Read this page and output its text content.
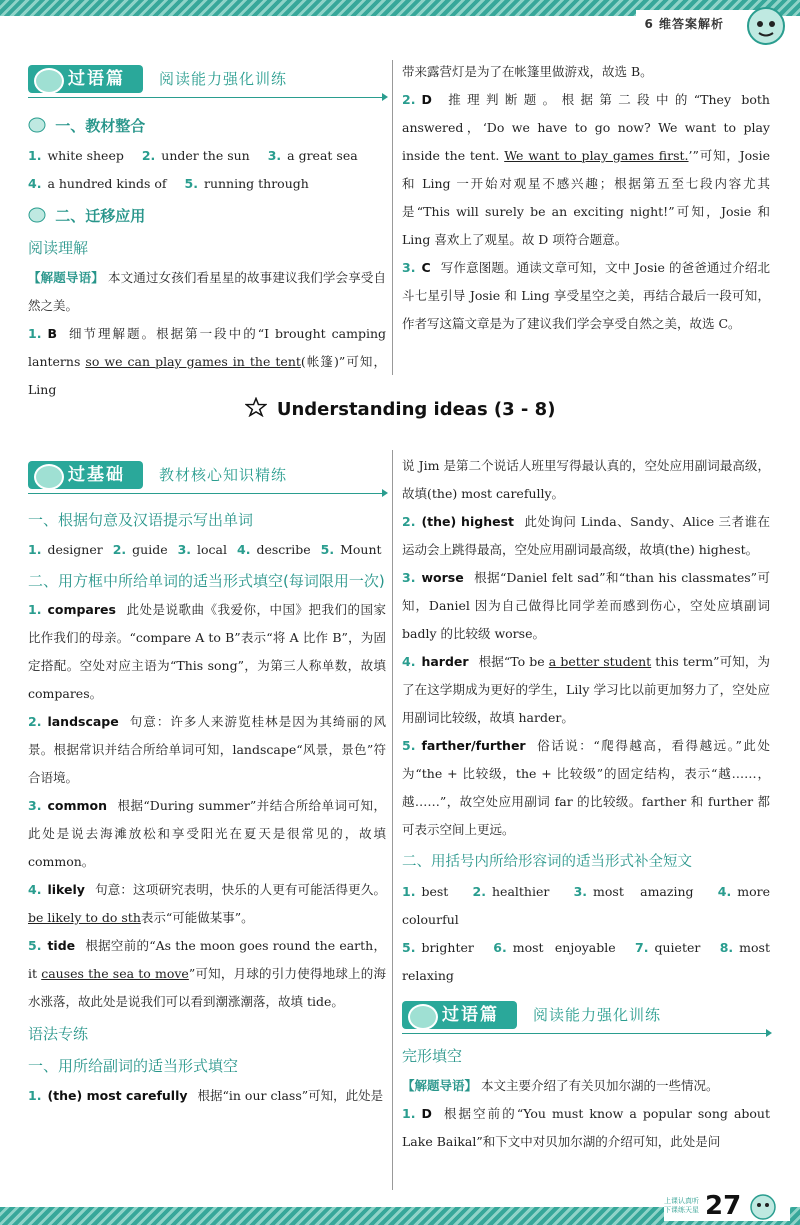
6 维答案解析
过语篇 阅读能力强化训练
一、教材整合

1. white sheep 2. under the sun 3. a great sea

4. a hundred kinds of 5. running through

二、迁移应用
阅读理解

【解题导语】 本文通过女孩们看星星的故事建议我们学会享受自然之美。

1. B 细节理解题。根据第一段中的“I brought camping lanterns so we can play games in the tent(帐篷)”可知，Ling

带来露营灯是为了在帐篷里做游戏，故选 B。

2. D 推理判断题。根据第二段中的“They both answered，‘Do we have to go now? We want to play inside the tent. We want to play games first.’”可知，Josie 和 Ling 一开始对观星不感兴趣；根据第五至七段内容尤其是“This will surely be an exciting night!”可知，Josie 和 Ling 喜欢上了观星。故 D 项符合题意。

3. C 写作意图题。通读文章可知，文中 Josie 的爸爸通过介绍北斗七星引导 Josie 和 Ling 享受星空之美，再结合最后一段可知，作者写这篇文章是为了建议我们学会享受自然之美，故选 C。

Understanding ideas (3 - 8)
过基础 教材核心知识精练
一、根据句意及汉语提示写出单词

1. designer 2. guide 3. local 4. describe 5. Mount

二、用方框中所给单词的适当形式填空(每词限用一次)

1. compares 此处是说歌曲《我爱你，中国》把我们的国家比作我们的母亲。“compare A to B”表示“将 A 比作 B”，为固定搭配。空处对应主语为“This song”，为第三人称单数，故填 compares。

2. landscape 句意：许多人来游览桂林是因为其绮丽的风景。根据常识并结合所给单词可知，landscape“风景，景色”符合语境。

3. common 根据“During summer”并结合所给单词可知，此处是说去海滩放松和享受阳光在夏天是很常见的，故填 common。

4. likely 句意：这项研究表明，快乐的人更有可能活得更久。be likely to do sth表示“可能做某事”。

5. tide 根据空前的“As the moon goes round the earth，it causes the sea to move”可知，月球的引力使得地球上的海水涨落，故此处是说我们可以看到潮涨潮落，故填 tide。

语法专练
一、用所给副词的适当形式填空

1. (the) most carefully 根据“in our class”可知，此处是

说 Jim 是第二个说话人班里写得最认真的，空处应用副词最高级，故填(the) most carefully。

2. (the) highest 此处询问 Linda、Sandy、Alice 三者谁在运动会上跳得最高，空处应用副词最高级，故填(the) highest。

3. worse 根据“Daniel felt sad”和“than his classmates”可知，Daniel 因为自己做得比同学差而感到伤心，空处应填副词 badly 的比较级 worse。

4. harder 根据“To be a better student this term”可知，为了在这学期成为更好的学生，Lily 学习比以前更加努力了，空处应用副词比较级，故填 harder。

5. farther/further 俗话说：“爬得越高，看得越远。”此处为“the + 比较级，the + 比较级”的固定结构，表示“越……，越……”，故空处应用副词 far 的比较级。farther 和 further 都可表示空间上更远。

二、用括号内所给形容词的适当形式补全短文

1. best 2. healthier 3. most amazing 4. more colourful

5. brighter 6. most enjoyable 7. quieter 8. most relaxing

过语篇 阅读能力强化训练
完形填空

【解题导语】 本文主要介绍了有关贝加尔湖的一些情况。

1. D 根据空前的“You must know a popular song about Lake Baikal”和下文中对贝加尔湖的介绍可知，此处是问

上课认真听
下课练天星 27
